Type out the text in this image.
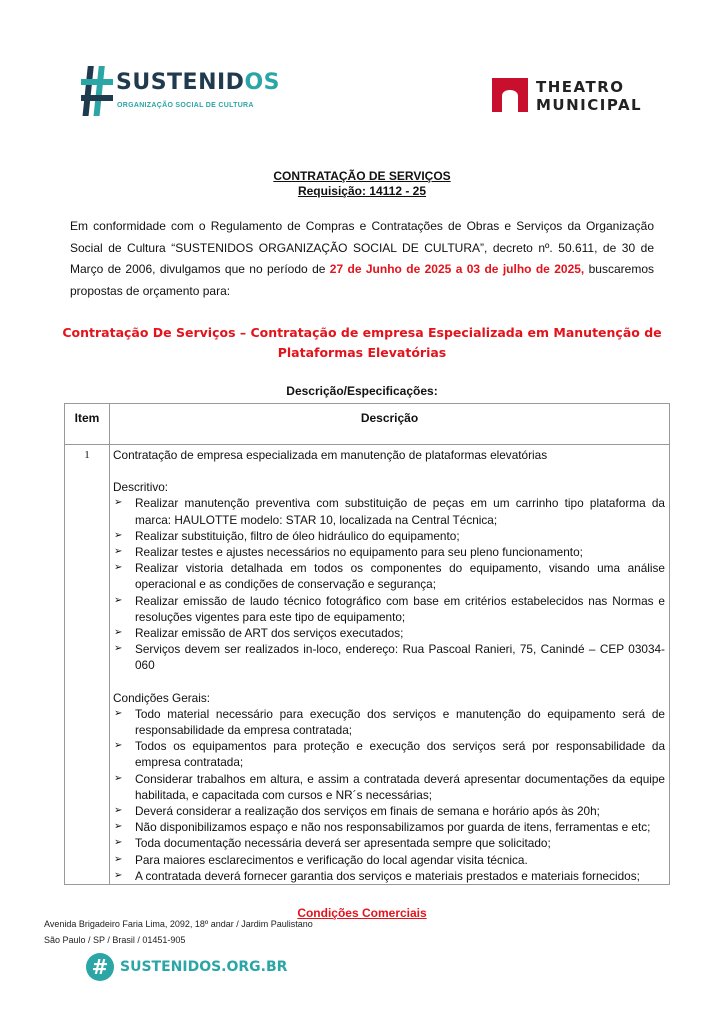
SUSTENIDOS
ORGANIZAÇÃO SOCIAL DE CULTURA
THEATRO
MUNICIPAL
CONTRATAÇÃO DE SERVIÇOS
Requisição: 14112 - 25
Em conformidade com o Regulamento de Compras e Contratações de Obras e Serviços da Organização Social de Cultura “SUSTENIDOS ORGANIZAÇÃO SOCIAL DE CULTURA”, decreto nº. 50.611, de 30 de Março de 2006, divulgamos que no período de 27 de Junho de 2025 a 03 de julho de 2025, buscaremos propostas de orçamento para:
Contratação De Serviços – Contratação de empresa Especializada em Manutenção de Plataformas Elevatórias
Descrição/Especificações:
Item	Descrição
1	Contratação de empresa especializada em manutenção de plataformas elevatórias

Descritivo:

➢ Realizar manutenção preventiva com substituição de peças em um carrinho tipo plataforma da marca: HAULOTTE modelo: STAR 10, localizada na Central Técnica;
➢ Realizar substituição, filtro de óleo hidráulico do equipamento;
➢ Realizar testes e ajustes necessários no equipamento para seu pleno funcionamento;
➢ Realizar vistoria detalhada em todos os componentes do equipamento, visando uma análise operacional e as condições de conservação e segurança;
➢ Realizar emissão de laudo técnico fotográfico com base em critérios estabelecidos nas Normas e resoluções vigentes para este tipo de equipamento;
➢ Realizar emissão de ART dos serviços executados;
➢ Serviços devem ser realizados in-loco, endereço: Rua Pascoal Ranieri, 75, Canindé – CEP 03034-060

Condições Gerais:

➢ Todo material necessário para execução dos serviços e manutenção do equipamento será de responsabilidade da empresa contratada;
➢ Todos os equipamentos para proteção e execução dos serviços será por responsabilidade da empresa contratada;
➢ Considerar trabalhos em altura, e assim a contratada deverá apresentar documentações da equipe habilitada, e capacitada com cursos e NR´s necessárias;
➢ Deverá considerar a realização dos serviços em finais de semana e horário após às 20h;
➢ Não disponibilizamos espaço e não nos responsabilizamos por guarda de itens, ferramentas e etc;
➢ Toda documentação necessária deverá ser apresentada sempre que solicitado;
➢ Para maiores esclarecimentos e verificação do local agendar visita técnica.
➢ A contratada deverá fornecer garantia dos serviços e materiais prestados e materiais fornecidos;
Condições Comerciais
Avenida Brigadeiro Faria Lima, 2092, 18º andar / Jardim Paulistano
São Paulo / SP / Brasil / 01451-905
# SUSTENIDOS.ORG.BR
